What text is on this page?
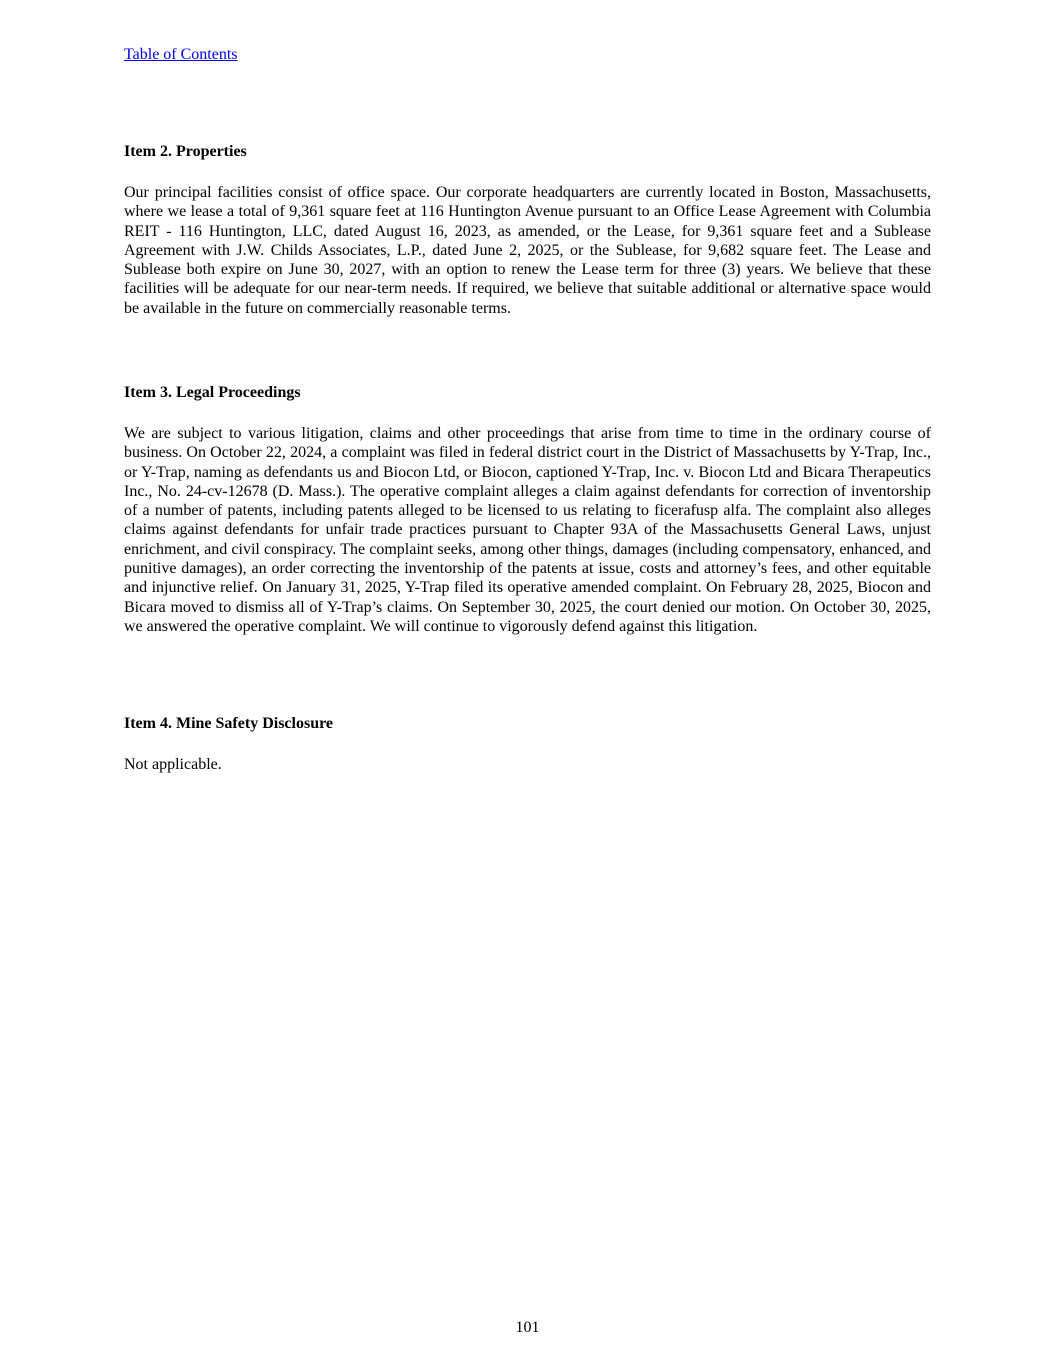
Table of Contents
Item 2. Properties
Our principal facilities consist of office space. Our corporate headquarters are currently located in Boston, Massachusetts, where we lease a total of 9,361 square feet at 116 Huntington Avenue pursuant to an Office Lease Agreement with Columbia REIT - 116 Huntington, LLC, dated August 16, 2023, as amended, or the Lease, for 9,361 square feet and a Sublease Agreement with J.W. Childs Associates, L.P., dated June 2, 2025, or the Sublease, for 9,682 square feet. The Lease and Sublease both expire on June 30, 2027, with an option to renew the Lease term for three (3) years. We believe that these facilities will be adequate for our near-term needs. If required, we believe that suitable additional or alternative space would be available in the future on commercially reasonable terms.
Item 3. Legal Proceedings
We are subject to various litigation, claims and other proceedings that arise from time to time in the ordinary course of business. On October 22, 2024, a complaint was filed in federal district court in the District of Massachusetts by Y-Trap, Inc., or Y-Trap, naming as defendants us and Biocon Ltd, or Biocon, captioned Y-Trap, Inc. v. Biocon Ltd and Bicara Therapeutics Inc., No. 24-cv-12678 (D. Mass.). The operative complaint alleges a claim against defendants for correction of inventorship of a number of patents, including patents alleged to be licensed to us relating to ficerafusp alfa. The complaint also alleges claims against defendants for unfair trade practices pursuant to Chapter 93A of the Massachusetts General Laws, unjust enrichment, and civil conspiracy. The complaint seeks, among other things, damages (including compensatory, enhanced, and punitive damages), an order correcting the inventorship of the patents at issue, costs and attorney’s fees, and other equitable and injunctive relief. On January 31, 2025, Y-Trap filed its operative amended complaint. On February 28, 2025, Biocon and Bicara moved to dismiss all of Y-Trap’s claims. On September 30, 2025, the court denied our motion. On October 30, 2025, we answered the operative complaint. We will continue to vigorously defend against this litigation.
Item 4. Mine Safety Disclosure
Not applicable.
101
